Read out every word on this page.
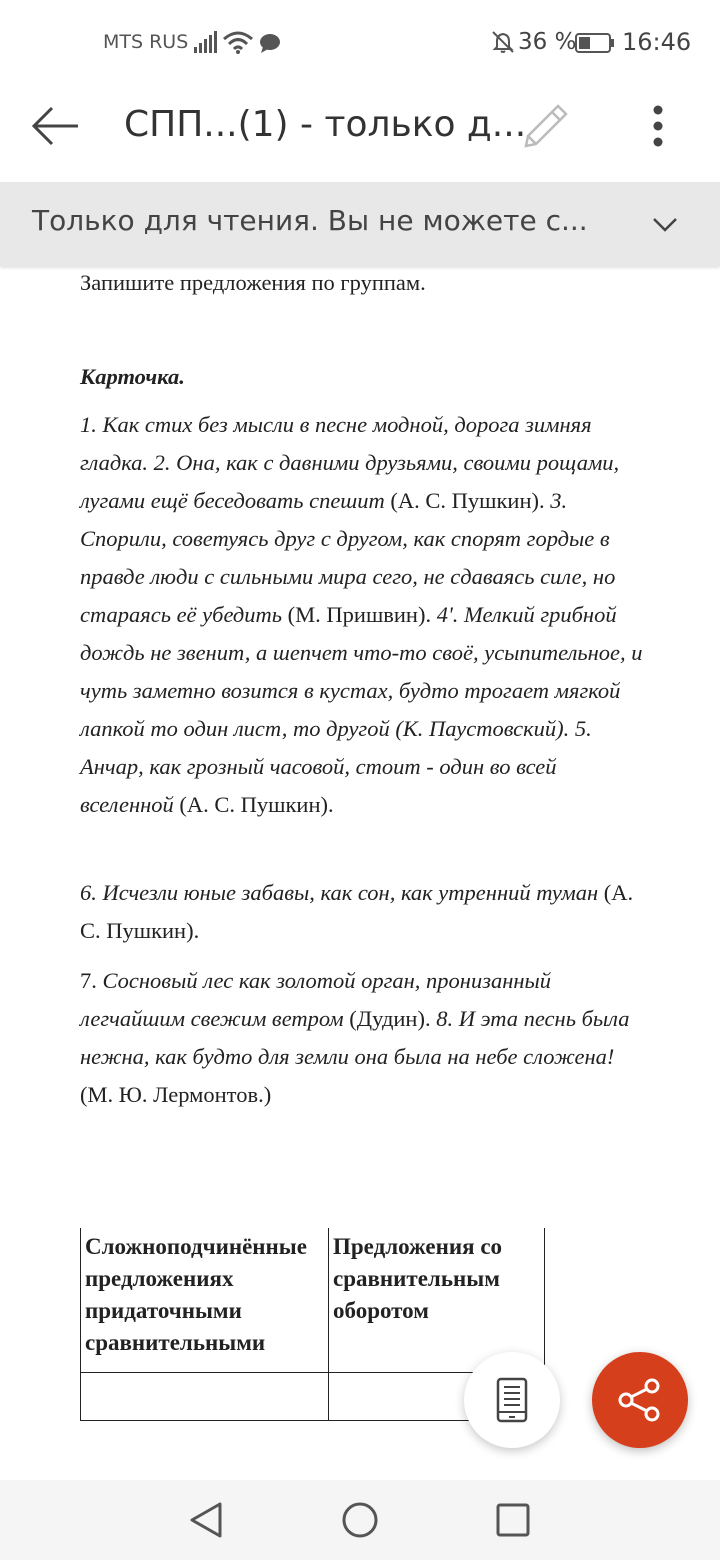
MTS RUS	36 % 16:46
СПП...(1) - только д...
Только для чтения. Вы не можете с...
Запишите предложения по группам.
Карточка.
1. Как стих без мысли в песне модной, дорога зимняя гладка. 2. Она, как с давними друзьями, своими рощами, лугами ещё беседовать спешит (А. С. Пушкин). 3. Спорили, советуясь друг с другом, как спорят гордые в правде люди с сильными мира сего, не сдаваясь силе, но стараясь её убедить (М. Пришвин). 4'. Мелкий грибной дождь не звенит, а шепчет что-то своё, усыпительное, и чуть заметно возится в кустах, будто трогает мягкой лапкой то один лист, то другой (К. Паустовский). 5. Анчар, как грозный часовой, стоит - один во всей вселенной (А. С. Пушкин).
6. Исчезли юные забавы, как сон, как утренний туман (А. С. Пушкин).
7. Сосновый лес как золотой орган, пронизанный легчайшим свежим ветром (Дудин). 8. И эта песнь была нежна, как будто для земли она была на небе сложена! (М. Ю. Лермонтов.)
Сложноподчинённые предложениях придаточными сравнительными	Предложения со сравнительным оборотом
